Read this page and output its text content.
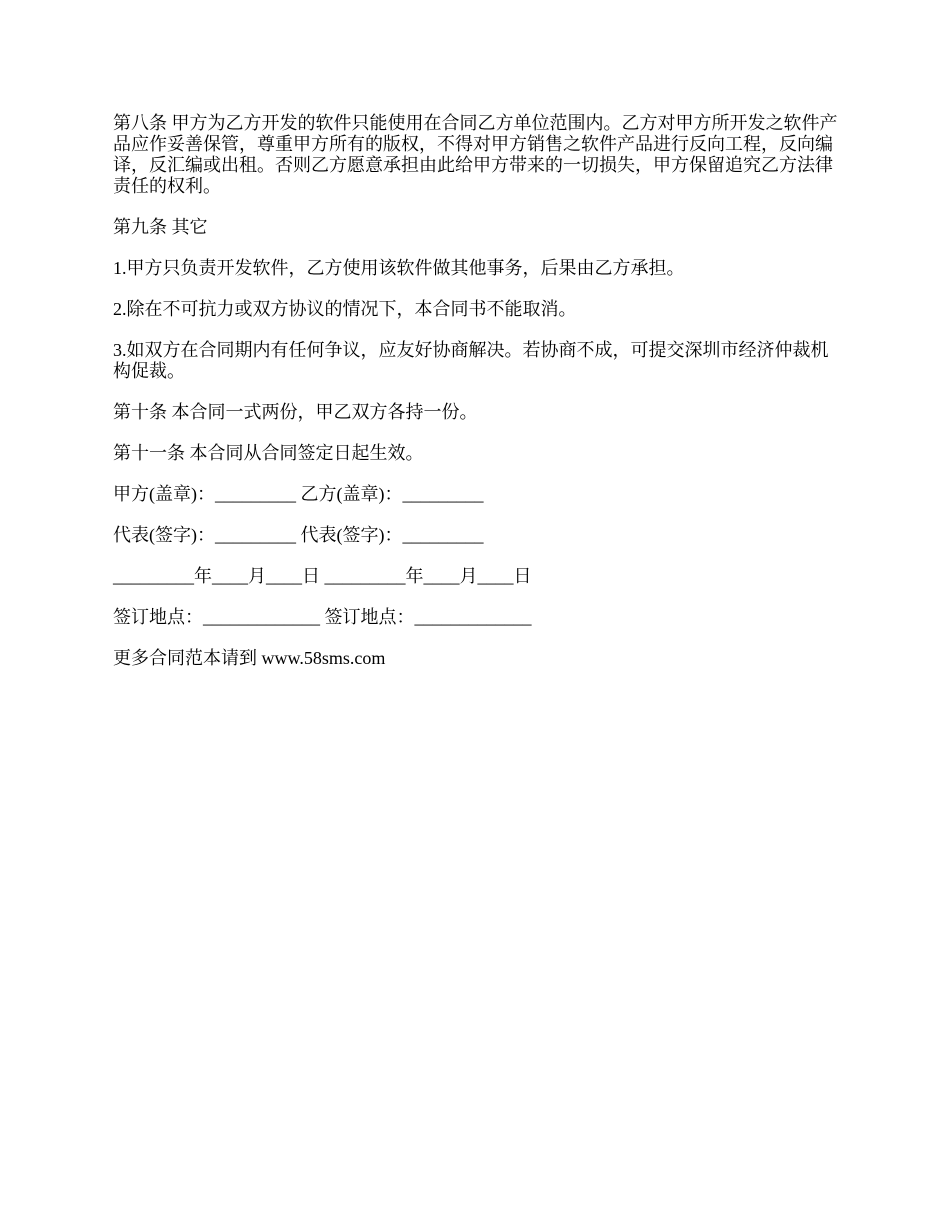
第八条 甲方为乙方开发的软件只能使用在合同乙方单位范围内。乙方对甲方所开发之软件产品应作妥善保管，尊重甲方所有的版权，不得对甲方销售之软件产品进行反向工程，反向编译，反汇编或出租。否则乙方愿意承担由此给甲方带来的一切损失，甲方保留追究乙方法律责任的权利。

第九条 其它

1.甲方只负责开发软件，乙方使用该软件做其他事务，后果由乙方承担。

2.除在不可抗力或双方协议的情况下，本合同书不能取消。

3.如双方在合同期内有任何争议，应友好协商解决。若协商不成，可提交深圳市经济仲裁机构促裁。

第十条 本合同一式两份，甲乙双方各持一份。

第十一条 本合同从合同签定日起生效。

甲方(盖章)：_________ 乙方(盖章)：_________

代表(签字)：_________ 代表(签字)：_________

_________年____月____日 _________年____月____日

签订地点：_____________ 签订地点：_____________

更多合同范本请到 www.58sms.com
